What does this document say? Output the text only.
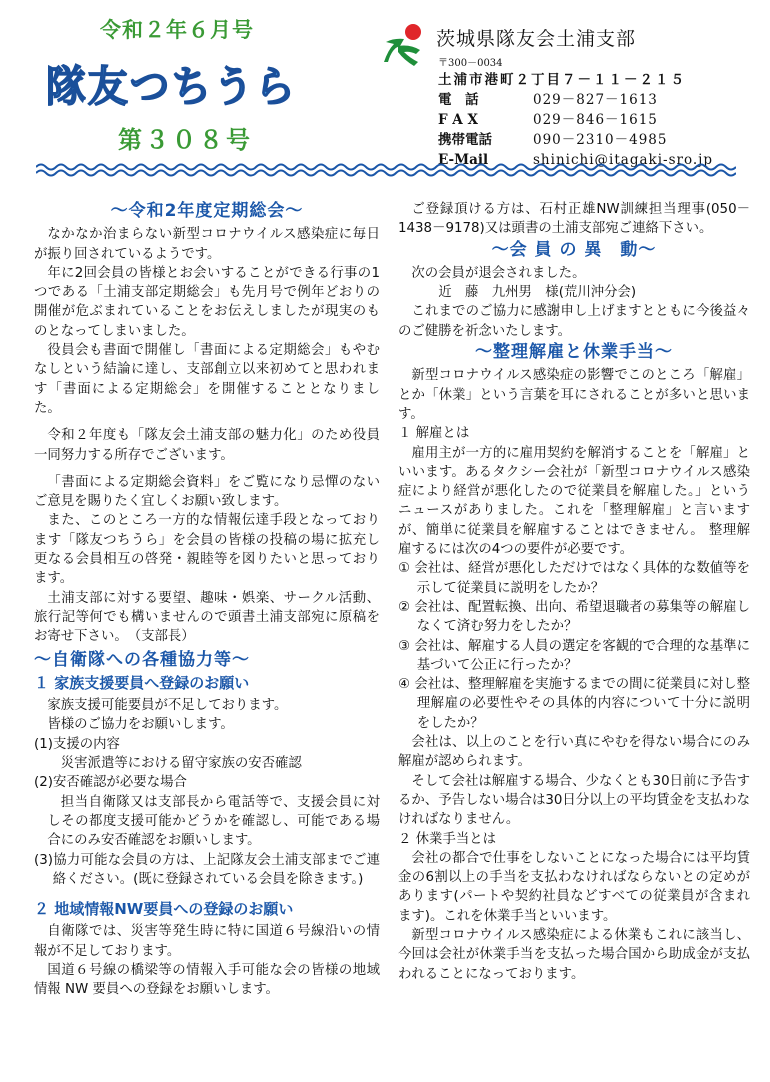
令和２年６月号
隊友つちうら
第３０８号
茨城県隊友会土浦支部
〒300－0034
土浦市港町２丁目７－１１－２１５
電　話	029－827－1613
F A X	029－846－1615
携帯電話	090－2310－4985
E-Mail	shinichi@itagaki-sro.jp
～令和2年度定期総会～

なかなか治まらない新型コロナウイルス感染症に毎日が振り回されているようです。

年に2回会員の皆様とお会いすることができる行事の1つである「土浦支部定期総会」も先月号で例年どおりの開催が危ぶまれていることをお伝えしましたが現実のものとなってしまいました。

役員会も書面で開催し「書面による定期総会」もやむなしという結論に達し、支部創立以来初めてと思われます「書面による定期総会」を開催することとなりました。

令和２年度も「隊友会土浦支部の魅力化」のため役員一同努力する所存でございます。

「書面による定期総会資料」をご覧になり忌憚のないご意見を賜りたく宜しくお願い致します。

また、このところ一方的な情報伝達手段となっております「隊友つちうら」を会員の皆様の投稿の場に拡充し更なる会員相互の啓発・親睦等を図りたいと思っております。

土浦支部に対する要望、趣味・娯楽、サークル活動、旅行記等何でも構いませんので頭書土浦支部宛に原稿をお寄せ下さい。　（支部長）

～自衛隊への各種協力等～
１ 家族支援要員へ登録のお願い

家族支援可能要員が不足しております。

皆様のご協力をお願いします。

(1)支援の内容

災害派遣等における留守家族の安否確認

(2)安否確認が必要な場合

担当自衛隊又は支部長から電話等で、支援会員に対しその都度支援可能かどうかを確認し、可能である場合にのみ安否確認をお願いします。

(3)協力可能な会員の方は、上記隊友会土浦支部までご連絡ください。(既に登録されている会員を除きます。)

２ 地域情報NW要員への登録のお願い

自衛隊では、災害等発生時に特に国道６号線沿いの情報が不足しております。

国道６号線の橋梁等の情報入手可能な会の皆様の地域情報 NW 要員への登録をお願いします。

ご登録頂ける方は、石村正雄NW訓練担当理事(050－1438－9178)又は頭書の土浦支部宛ご連絡下さい。

～会 員 の 異　動～

次の会員が退会されました。

近　藤　九州男　様(荒川沖分会)

これまでのご協力に感謝申し上げますとともに今後益々のご健勝を祈念いたします。

～整理解雇と休業手当～

新型コロナウイルス感染症の影響でこのところ「解雇」とか「休業」という言葉を耳にされることが多いと思います。

１ 解雇とは

雇用主が一方的に雇用契約を解消することを「解雇」といいます。あるタクシー会社が「新型コロナウイルス感染症により経営が悪化したので従業員を解雇した。」というニュースがありました。これを「整理解雇」と言いますが、簡単に従業員を解雇することはできません。 整理解雇するには次の4つの要件が必要です。

① 会社は、経営が悪化しただけではなく具体的な数値等を示して従業員に説明をしたか？

② 会社は、配置転換、出向、希望退職者の募集等の解雇しなくて済む努力をしたか？

③ 会社は、解雇する人員の選定を客観的で合理的な基準に基づいて公正に行ったか？

④ 会社は、整理解雇を実施するまでの間に従業員に対し整理解雇の必要性やその具体的内容について十分に説明をしたか？

会社は、以上のことを行い真にやむを得ない場合にのみ解雇が認められます。

そして会社は解雇する場合、少なくとも30日前に予告するか、予告しない場合は30日分以上の平均賃金を支払わなければなりません。

２ 休業手当とは

会社の都合で仕事をしないことになった場合には平均賃金の6割以上の手当を支払わなければならないとの定めがあります(パートや契約社員などすべての従業員が含まれます)。これを休業手当といいます。

新型コロナウイルス感染症による休業もこれに該当し、今回は会社が休業手当を支払った場合国から助成金が支払われることになっております。
